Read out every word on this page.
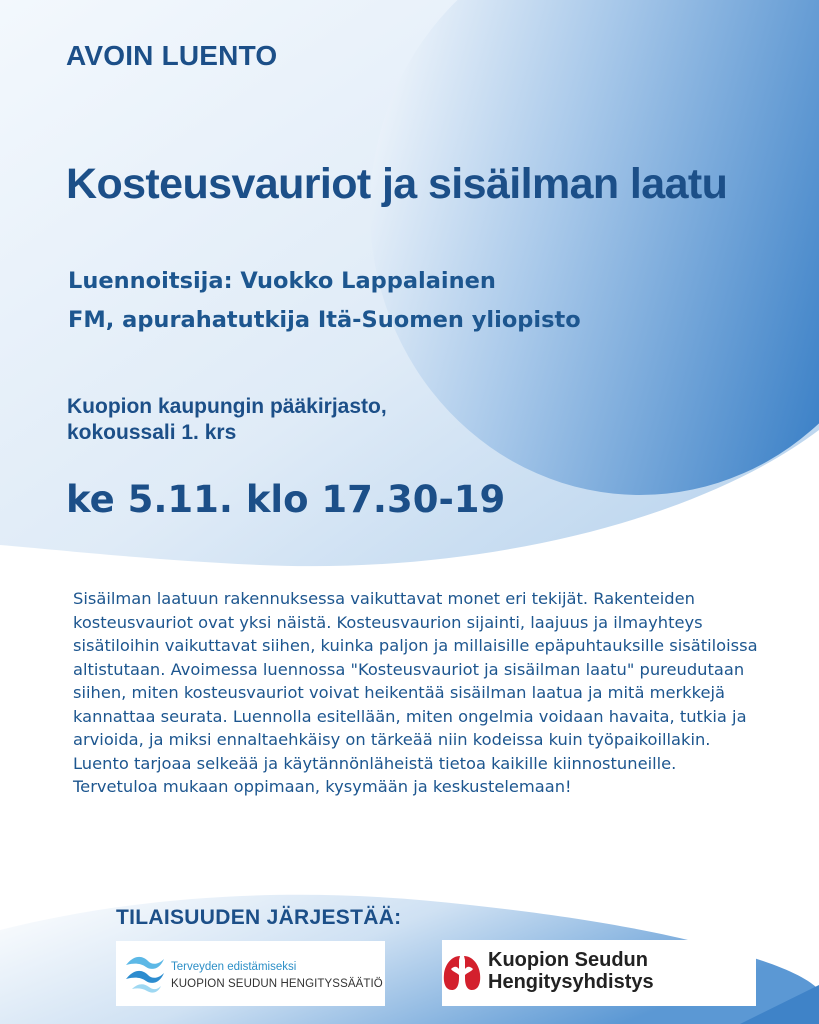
AVOIN LUENTO
Kosteusvauriot ja sisäilman laatu
Luennoitsija: Vuokko Lappalainen
FM, apurahatutkija Itä-Suomen yliopisto
Kuopion kaupungin pääkirjasto,
kokoussali 1. krs
ke 5.11. klo 17.30-19

Sisäilman laatuun rakennuksessa vaikuttavat monet eri tekijät. Rakenteiden kosteusvauriot ovat yksi näistä. Kosteusvaurion sijainti, laajuus ja ilmayhteys sisätiloihin vaikuttavat siihen, kuinka paljon ja millaisille epäpuhtauksille sisätiloissa altistutaan. Avoimessa luennossa "Kosteusvauriot ja sisäilman laatu" pureudutaan siihen, miten kosteusvauriot voivat heikentää sisäilman laatua ja mitä merkkejä kannattaa seurata. Luennolla esitellään, miten ongelmia voidaan havaita, tutkia ja arvioida, ja miksi ennaltaehkäisy on tärkeää niin kodeissa kuin työpaikoillakin. Luento tarjoaa selkeää ja käytännönläheistä tietoa kaikille kiinnostuneille. Tervetuloa mukaan oppimaan, kysymään ja keskustelemaan!

TILAISUUDEN JÄRJESTÄÄ:
Terveyden edistämiseksi
KUOPION SEUDUN HENGITYSSÄÄTIÖ
Kuopion Seudun
Hengitysyhdistys
